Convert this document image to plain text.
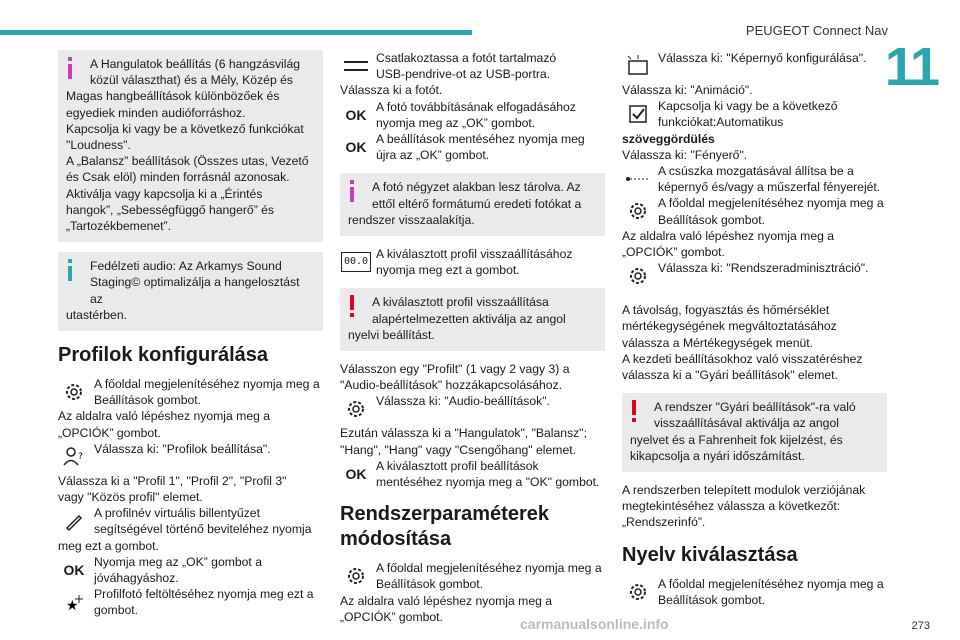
PEUGEOT Connect Nav
11
A Hangulatok beállítás (6 hangzásvilág
közül választhat) és a Mély, Közép és
Magas hangbeállítások különbözőek és
egyediek minden audióforráshoz.
Kapcsolja ki vagy be a következő funkciókat
"Loudness".
A „Balansz” beállítások (Összes utas, Vezető
és Csak elöl) minden forrásnál azonosak.
Aktiválja vagy kapcsolja ki a „Érintés
hangok”, „Sebességfüggő hangerő” és
„Tartozékbemenet”.
Fedélzeti audio: Az Arkamys Sound
Staging© optimalizálja a hangelosztást az
utastérben.
Profilok konfigurálása
A főoldal megjelenítéséhez nyomja meg a
Beállítások gombot.
Az aldalra való lépéshez nyomja meg a
„OPCIÓK” gombot.
?
Válassza ki: "Profilok beállítása".
Válassza ki a "Profil 1", "Profil 2", "Profil 3"
vagy "Közös profil" elemet.
A profilnév virtuális billentyűzet
segítségével történő beviteléhez nyomja
meg ezt a gombot.
OK Nyomja meg az „OK” gombot a
jóváhagyáshoz.
★
Profilfotó feltöltéséhez nyomja meg ezt a
gombot.
Csatlakoztassa a fotót tartalmazó
USB-pendrive-ot az USB-portra.
Válassza ki a fotót.
OK A fotó továbbításának elfogadásához
nyomja meg az „OK” gombot.
OK A beállítások mentéséhez nyomja meg
újra az „OK” gombot.
A fotó négyzet alakban lesz tárolva. Az
ettől eltérő formátumú eredeti fotókat a
rendszer visszaalakítja.
00.0
A kiválasztott profil visszaállításához
nyomja meg ezt a gombot.
A kiválasztott profil visszaállítása
alapértelmezetten aktiválja az angol
nyelvi beállítást.
Válasszon egy "Profilt" (1 vagy 2 vagy 3) a
"Audio-beállítások" hozzákapcsolásához.
Válassza ki: "Audio-beállítások".
Ezután válassza ki a "Hangulatok", "Balansz";
"Hang", "Hang" vagy "Csengőhang" elemet.
OK A kiválasztott profil beállítások
mentéséhez nyomja meg a "OK" gombot.
Rendszerparaméterek
módosítása
A főoldal megjelenítéséhez nyomja meg a
Beállítások gombot.
Az aldalra való lépéshez nyomja meg a
„OPCIÓK” gombot.
Válassza ki: "Képernyő konfigurálása".
Válassza ki: "Animáció".
Kapcsolja ki vagy be a következő
funkciókat:Automatikus
szöveggördülés
Válassza ki: "Fényerő".
A csúszka mozgatásával állítsa be a
képernyő és/vagy a műszerfal fényerejét.
A főoldal megjelenítéséhez nyomja meg a
Beállítások gombot.
Az aldalra való lépéshez nyomja meg a
„OPCIÓK” gombot.
Válassza ki: "Rendszeradminisztráció".
A távolság, fogyasztás és hőmérséklet
mértékegységének megváltoztatásához
válassza a Mértékegységek menüt.
A kezdeti beállításokhoz való visszatéréshez
válassza ki a "Gyári beállítások" elemet.
A rendszer "Gyári beállítások"-ra való
visszaállításával aktiválja az angol
nyelvet és a Fahrenheit fok kijelzést, és
kikapcsolja a nyári időszámítást.
A rendszerben telepített modulok verziójának
megtekintéséhez válassza a következőt:
„Rendszerinfó”.
Nyelv kiválasztása
A főoldal megjelenítéséhez nyomja meg a
Beállítások gombot.
carmanualsonline.info	273
